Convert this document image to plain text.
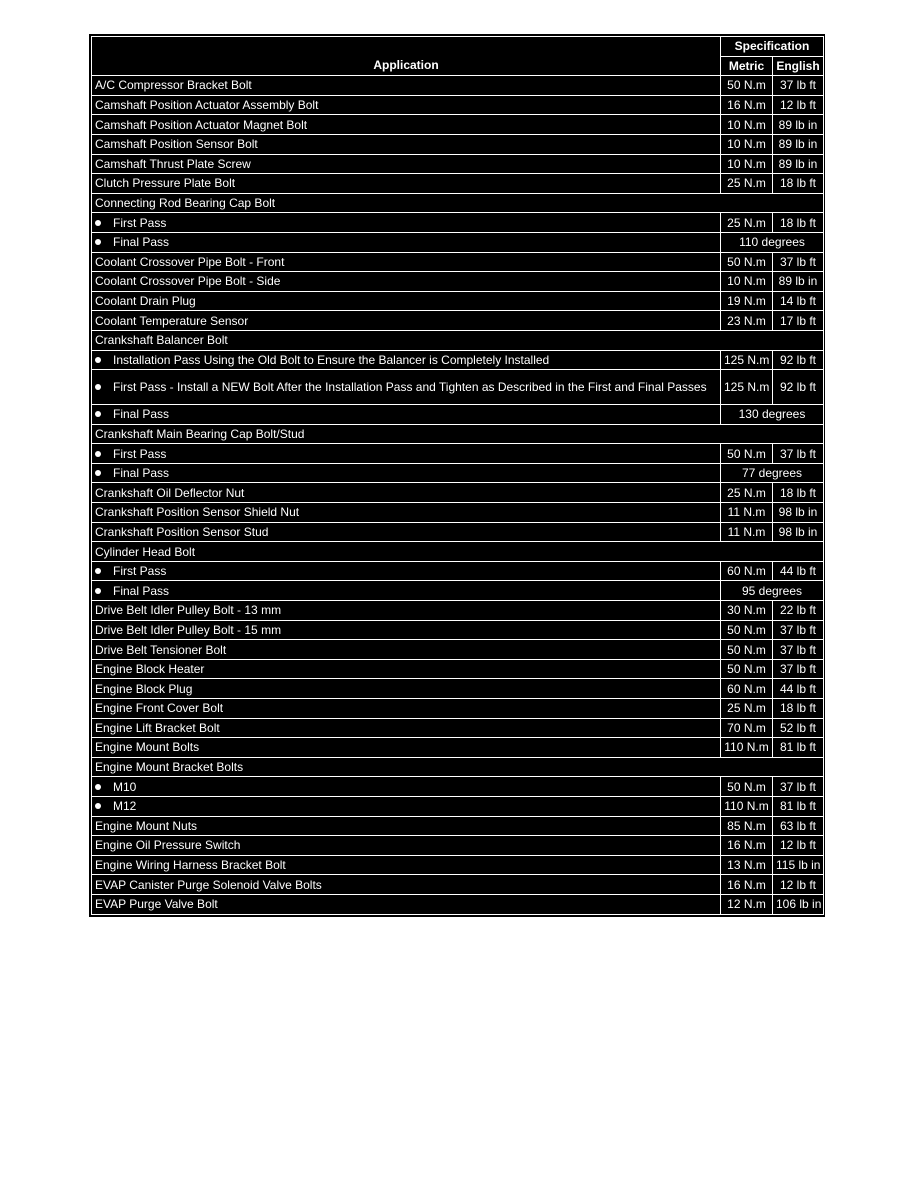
Application	Specification	
	Metric	English
A/C Compressor Bracket Bolt	50 N.m	37 lb ft
Camshaft Position Actuator Assembly Bolt	16 N.m	12 lb ft
Camshaft Position Actuator Magnet Bolt	10 N.m	89 lb in
Camshaft Position Sensor Bolt	10 N.m	89 lb in
Camshaft Thrust Plate Screw	10 N.m	89 lb in
Clutch Pressure Plate Bolt	25 N.m	18 lb ft
Connecting Rod Bearing Cap Bolt		

First Pass	25 N.m	18 lb ft

Final Pass	110 degrees	
Coolant Crossover Pipe Bolt - Front	50 N.m	37 lb ft
Coolant Crossover Pipe Bolt - Side	10 N.m	89 lb in
Coolant Drain Plug	19 N.m	14 lb ft
Coolant Temperature Sensor	23 N.m	17 lb ft
Crankshaft Balancer Bolt		

Installation Pass Using the Old Bolt to Ensure the Balancer is Completely Installed	125 N.m	92 lb ft

First Pass - Install a NEW Bolt After the Installation Pass and Tighten as Described in the First and Final Passes	125 N.m	92 lb ft

Final Pass	130 degrees	
Crankshaft Main Bearing Cap Bolt/Stud		

First Pass	50 N.m	37 lb ft

Final Pass	77 degrees	
Crankshaft Oil Deflector Nut	25 N.m	18 lb ft
Crankshaft Position Sensor Shield Nut	11 N.m	98 lb in
Crankshaft Position Sensor Stud	11 N.m	98 lb in
Cylinder Head Bolt		

First Pass	60 N.m	44 lb ft

Final Pass	95 degrees	
Drive Belt Idler Pulley Bolt - 13 mm	30 N.m	22 lb ft
Drive Belt Idler Pulley Bolt - 15 mm	50 N.m	37 lb ft
Drive Belt Tensioner Bolt	50 N.m	37 lb ft
Engine Block Heater	50 N.m	37 lb ft
Engine Block Plug	60 N.m	44 lb ft
Engine Front Cover Bolt	25 N.m	18 lb ft
Engine Lift Bracket Bolt	70 N.m	52 lb ft
Engine Mount Bolts	110 N.m	81 lb ft
Engine Mount Bracket Bolts		

M10	50 N.m	37 lb ft

M12	110 N.m	81 lb ft
Engine Mount Nuts	85 N.m	63 lb ft
Engine Oil Pressure Switch	16 N.m	12 lb ft
Engine Wiring Harness Bracket Bolt	13 N.m	115 lb in
EVAP Canister Purge Solenoid Valve Bolts	16 N.m	12 lb ft
EVAP Purge Valve Bolt	12 N.m	106 lb in
